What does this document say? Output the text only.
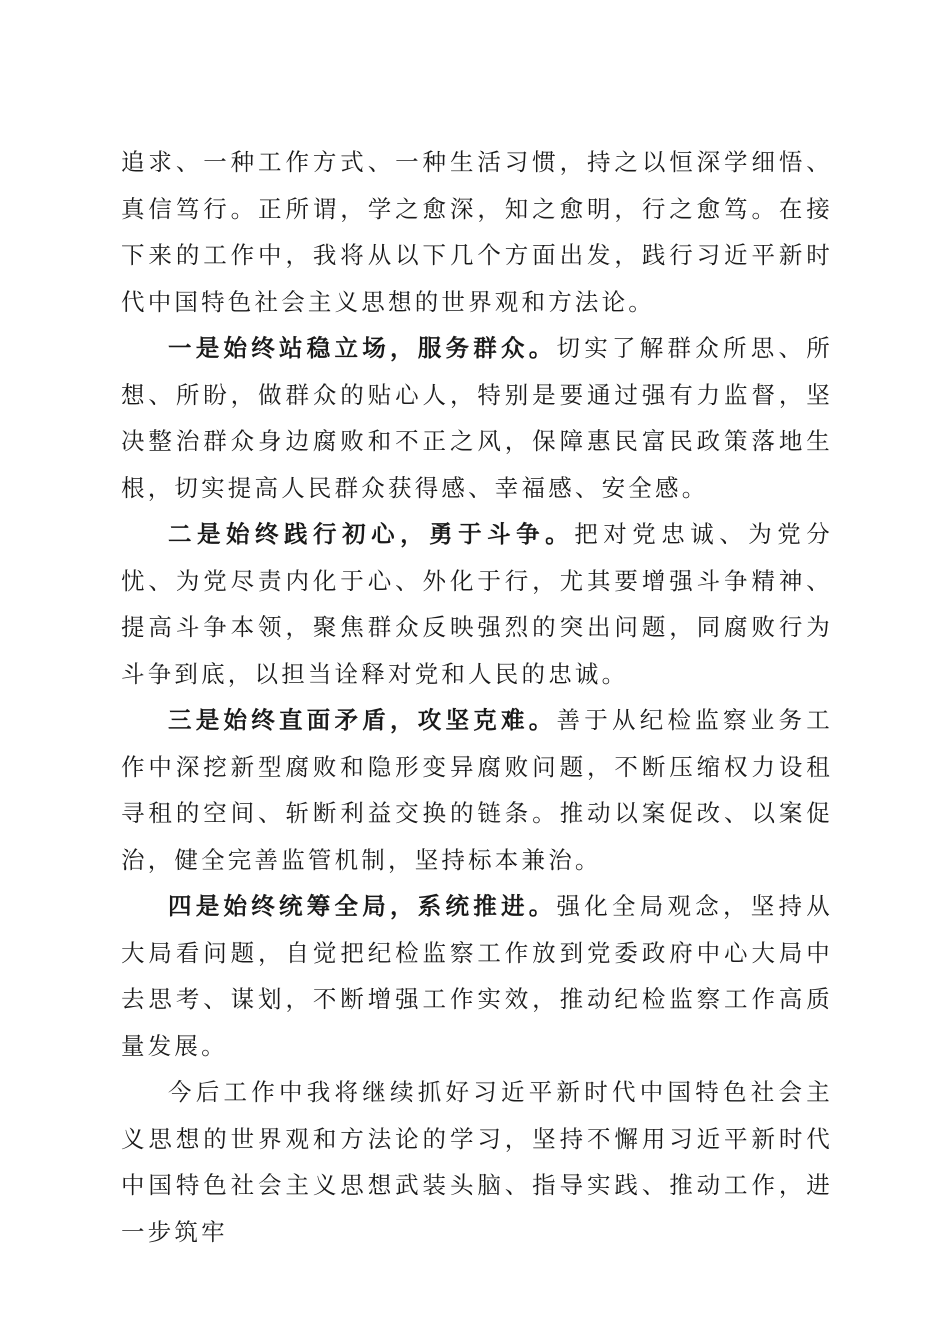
追求、一种工作方式、一种生活习惯，持之以恒深学细悟、真信笃行。正所谓，学之愈深，知之愈明，行之愈笃。在接下来的工作中，我将从以下几个方面出发，践行习近平新时代中国特色社会主义思想的世界观和方法论。

一是始终站稳立场，服务群众。切实了解群众所思、所想、所盼，做群众的贴心人，特别是要通过强有力监督，坚决整治群众身边腐败和不正之风，保障惠民富民政策落地生根，切实提高人民群众获得感、幸福感、安全感。

二是始终践行初心，勇于斗争。把对党忠诚、为党分忧、为党尽责内化于心、外化于行，尤其要增强斗争精神、提高斗争本领，聚焦群众反映强烈的突出问题，同腐败行为斗争到底，以担当诠释对党和人民的忠诚。

三是始终直面矛盾，攻坚克难。善于从纪检监察业务工作中深挖新型腐败和隐形变异腐败问题，不断压缩权力设租寻租的空间、斩断利益交换的链条。推动以案促改、以案促治，健全完善监管机制，坚持标本兼治。

四是始终统筹全局，系统推进。强化全局观念，坚持从大局看问题，自觉把纪检监察工作放到党委政府中心大局中去思考、谋划，不断增强工作实效，推动纪检监察工作高质量发展。

今后工作中我将继续抓好习近平新时代中国特色社会主义思想的世界观和方法论的学习，坚持不懈用习近平新时代中国特色社会主义思想武装头脑、指导实践、推动工作，进一步筑牢
